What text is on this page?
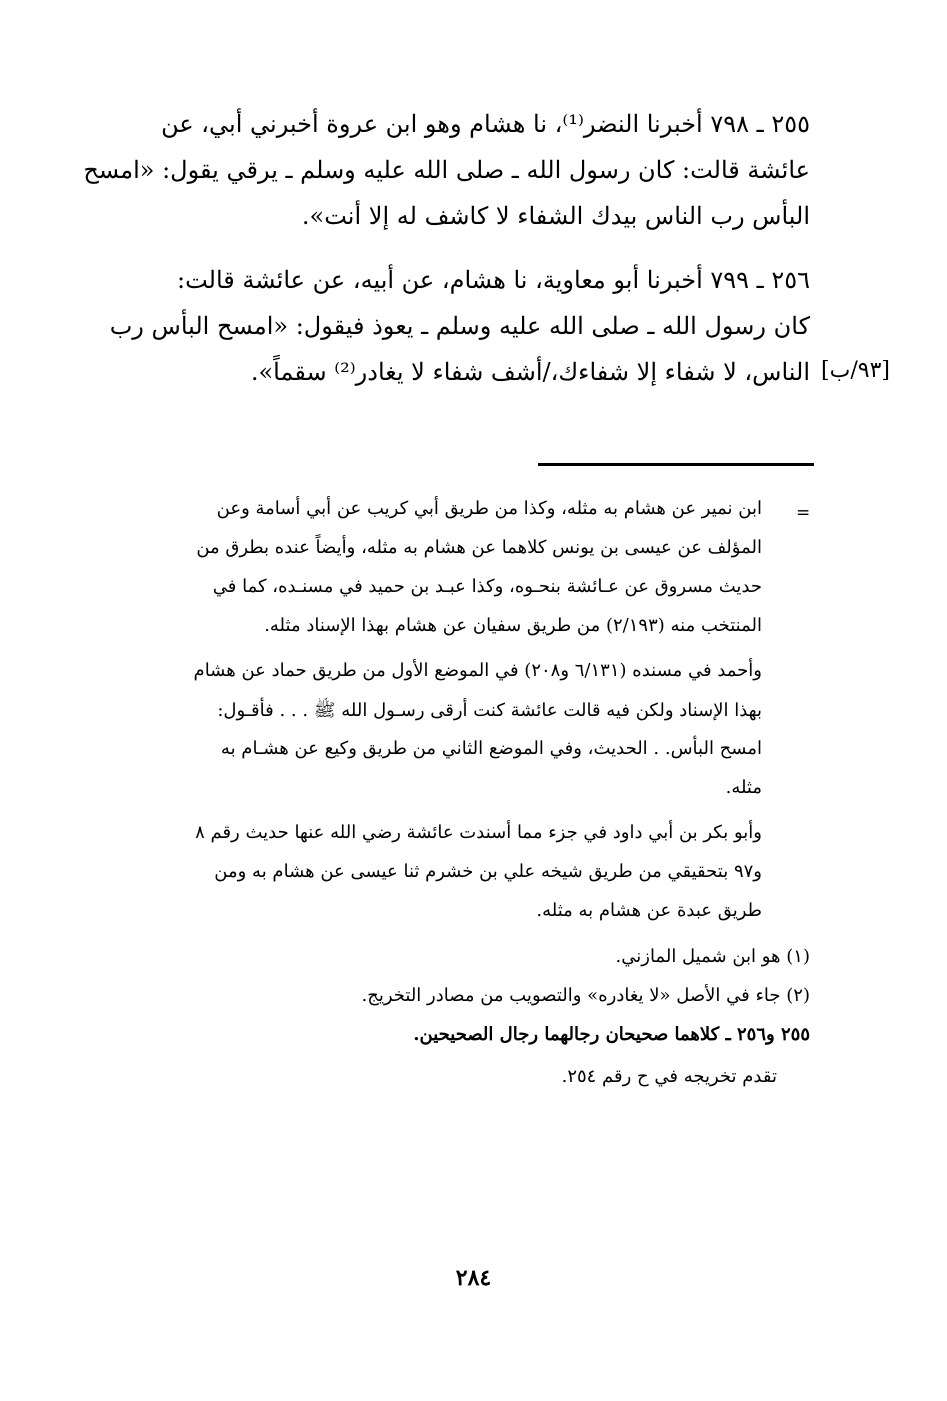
٢٥٥ ـ ٧٩٨ أخبرنا النضر⁽¹⁾، نا هشام وهو ابن عروة أخبرني أبي، عن
عائشة قالت: كان رسول الله ـ صلى الله عليه وسلم ـ يرقي يقول: «امسح
البأس رب الناس بيدك الشفاء لا كاشف له إلا أنت».
٢٥٦ ـ ٧٩٩ أخبرنا أبو معاوية، نا هشام، عن أبيه، عن عائشة قالت:
كان رسول الله ـ صلى الله عليه وسلم ـ يعوذ فيقول: «امسح البأس رب
الناس، لا شفاء إلا شفاءك،/أشف شفاء لا يغادر⁽²⁾ سقماً». [٩٣/ب]
=
ابن نمير عن هشام به مثله، وكذا من طريق أبي كريب عن أبي أسامة وعن
المؤلف عن عيسى بن يونس كلاهما عن هشام به مثله، وأيضاً عنده بطرق من
حديث مسروق عن عـائشة بنحـوه، وكذا عبـد بن حميد في مسنـده، كما في
المنتخب منه (٢/١٩٣) من طريق سفيان عن هشام بهذا الإسناد مثله.
وأحمد في مسنده (٦/١٣١ و٢٠٨) في الموضع الأول من طريق حماد عن هشام
بهذا الإسناد ولكن فيه قالت عائشة كنت أرقى رسـول الله ﷺ . . . فأقـول:
امسح البأس. . الحديث، وفي الموضع الثاني من طريق وكيع عن هشـام به
مثله.
وأبو بكر بن أبي داود في جزء مما أسندت عائشة رضي الله عنها حديث رقم ٨
و٩٧ بتحقيقي من طريق شيخه علي بن خشرم ثنا عيسى عن هشام به ومن
طريق عبدة عن هشام به مثله.
(١) هو ابن شميل المازني.
(٢) جاء في الأصل «لا يغادره» والتصويب من مصادر التخريج.
٢٥٥ و٢٥٦ ـ كلاهما صحيحان رجالهما رجال الصحيحين.
تقدم تخريجه في ح رقم ٢٥٤.
٢٨٤
